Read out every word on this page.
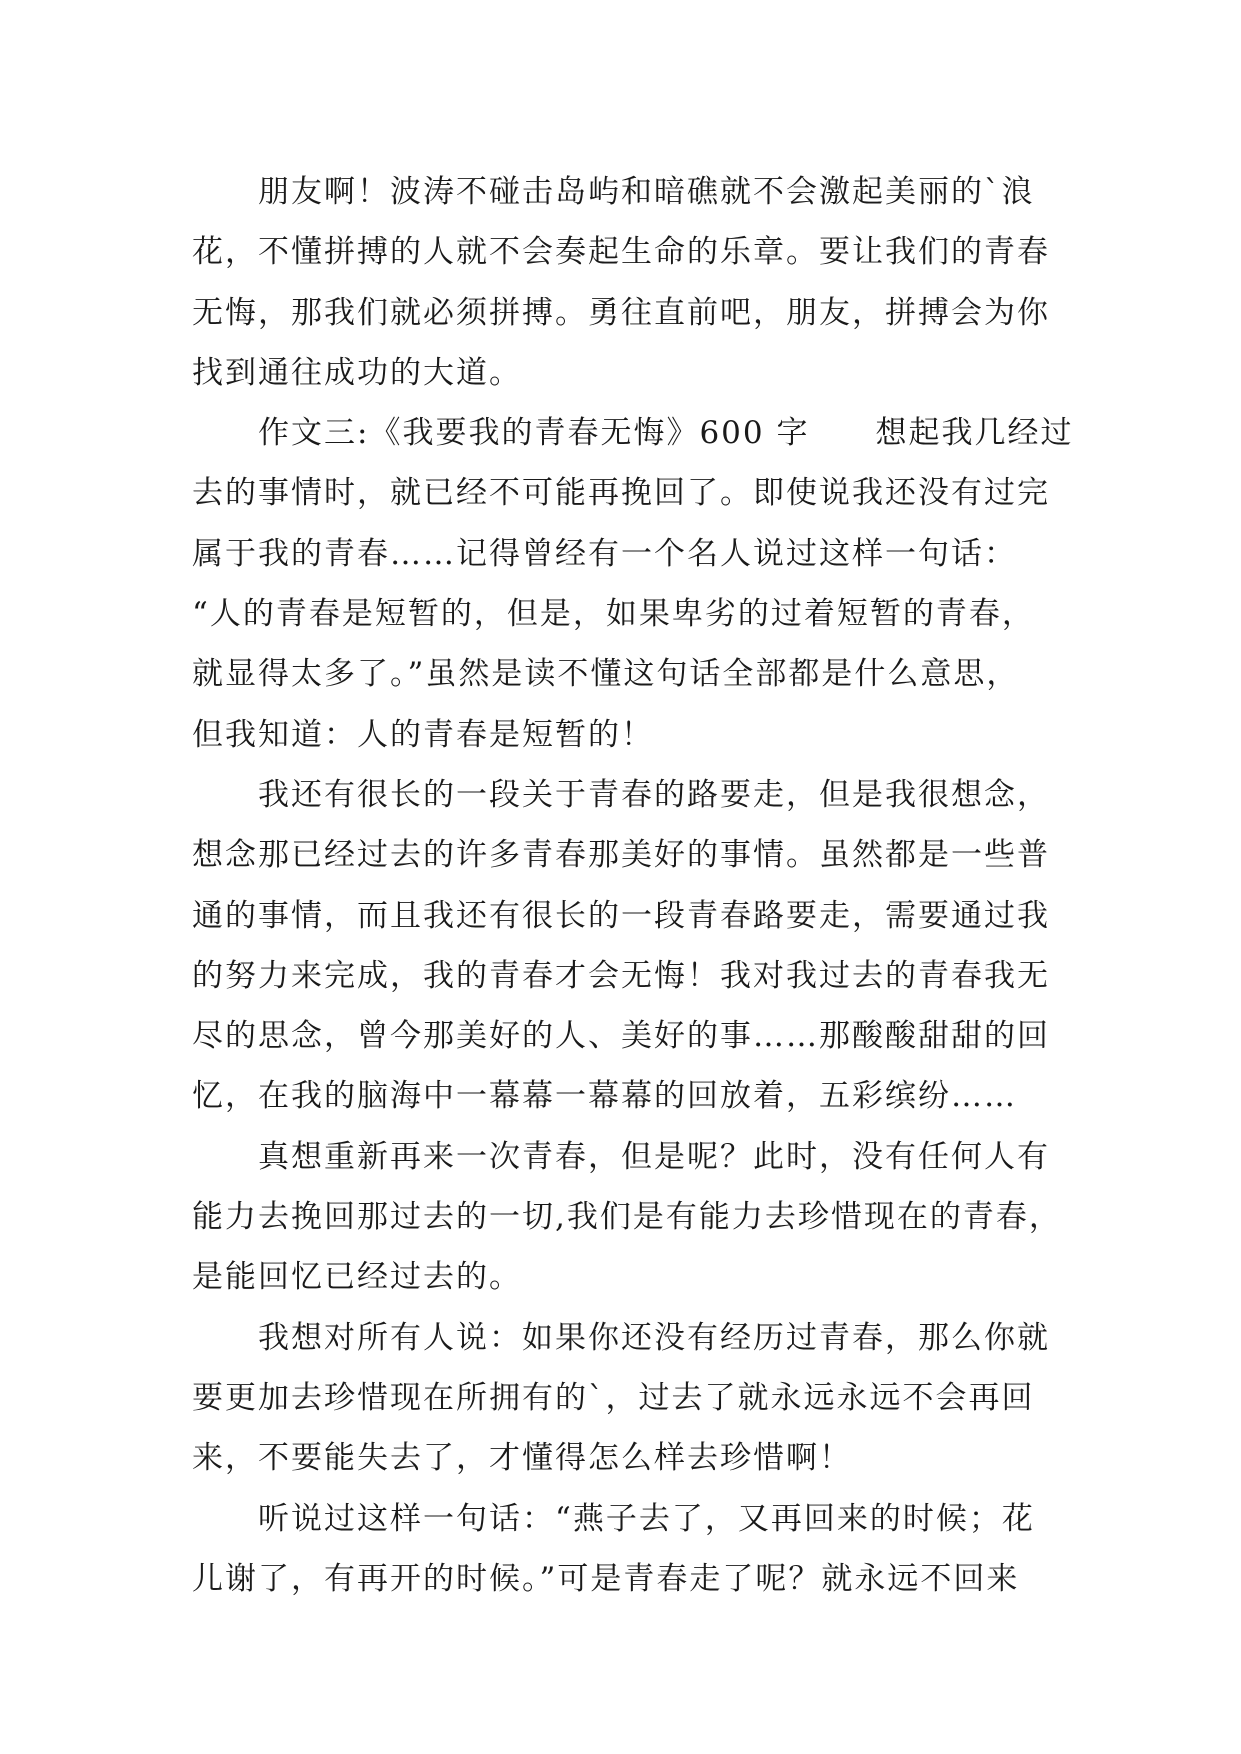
朋友啊！波涛不碰击岛屿和暗礁就不会激起美丽的`浪
花，不懂拼搏的人就不会奏起生命的乐章。要让我们的青春
无悔，那我们就必须拼搏。勇往直前吧，朋友，拼搏会为你
找到通往成功的大道。
作文三:《我要我的青春无悔》600 字　　想起我几经过
去的事情时，就已经不可能再挽回了。即使说我还没有过完
属于我的青春……记得曾经有一个名人说过这样一句话：
“人的青春是短暂的，但是，如果卑劣的过着短暂的青春，
就显得太多了。”虽然是读不懂这句话全部都是什么意思，
但我知道：人的青春是短暂的！
我还有很长的一段关于青春的路要走，但是我很想念，
想念那已经过去的许多青春那美好的事情。虽然都是一些普
通的事情，而且我还有很长的一段青春路要走，需要通过我
的努力来完成，我的青春才会无悔！我对我过去的青春我无
尽的思念，曾今那美好的人、美好的事……那酸酸甜甜的回
忆，在我的脑海中一幕幕一幕幕的回放着，五彩缤纷……
真想重新再来一次青春，但是呢？此时，没有任何人有
能力去挽回那过去的一切,我们是有能力去珍惜现在的青春，
是能回忆已经过去的。
我想对所有人说：如果你还没有经历过青春，那么你就
要更加去珍惜现在所拥有的`，过去了就永远永远不会再回
来，不要能失去了，才懂得怎么样去珍惜啊！
听说过这样一句话：“燕子去了，又再回来的时候；花
儿谢了，有再开的时候。”可是青春走了呢？就永远不回来
